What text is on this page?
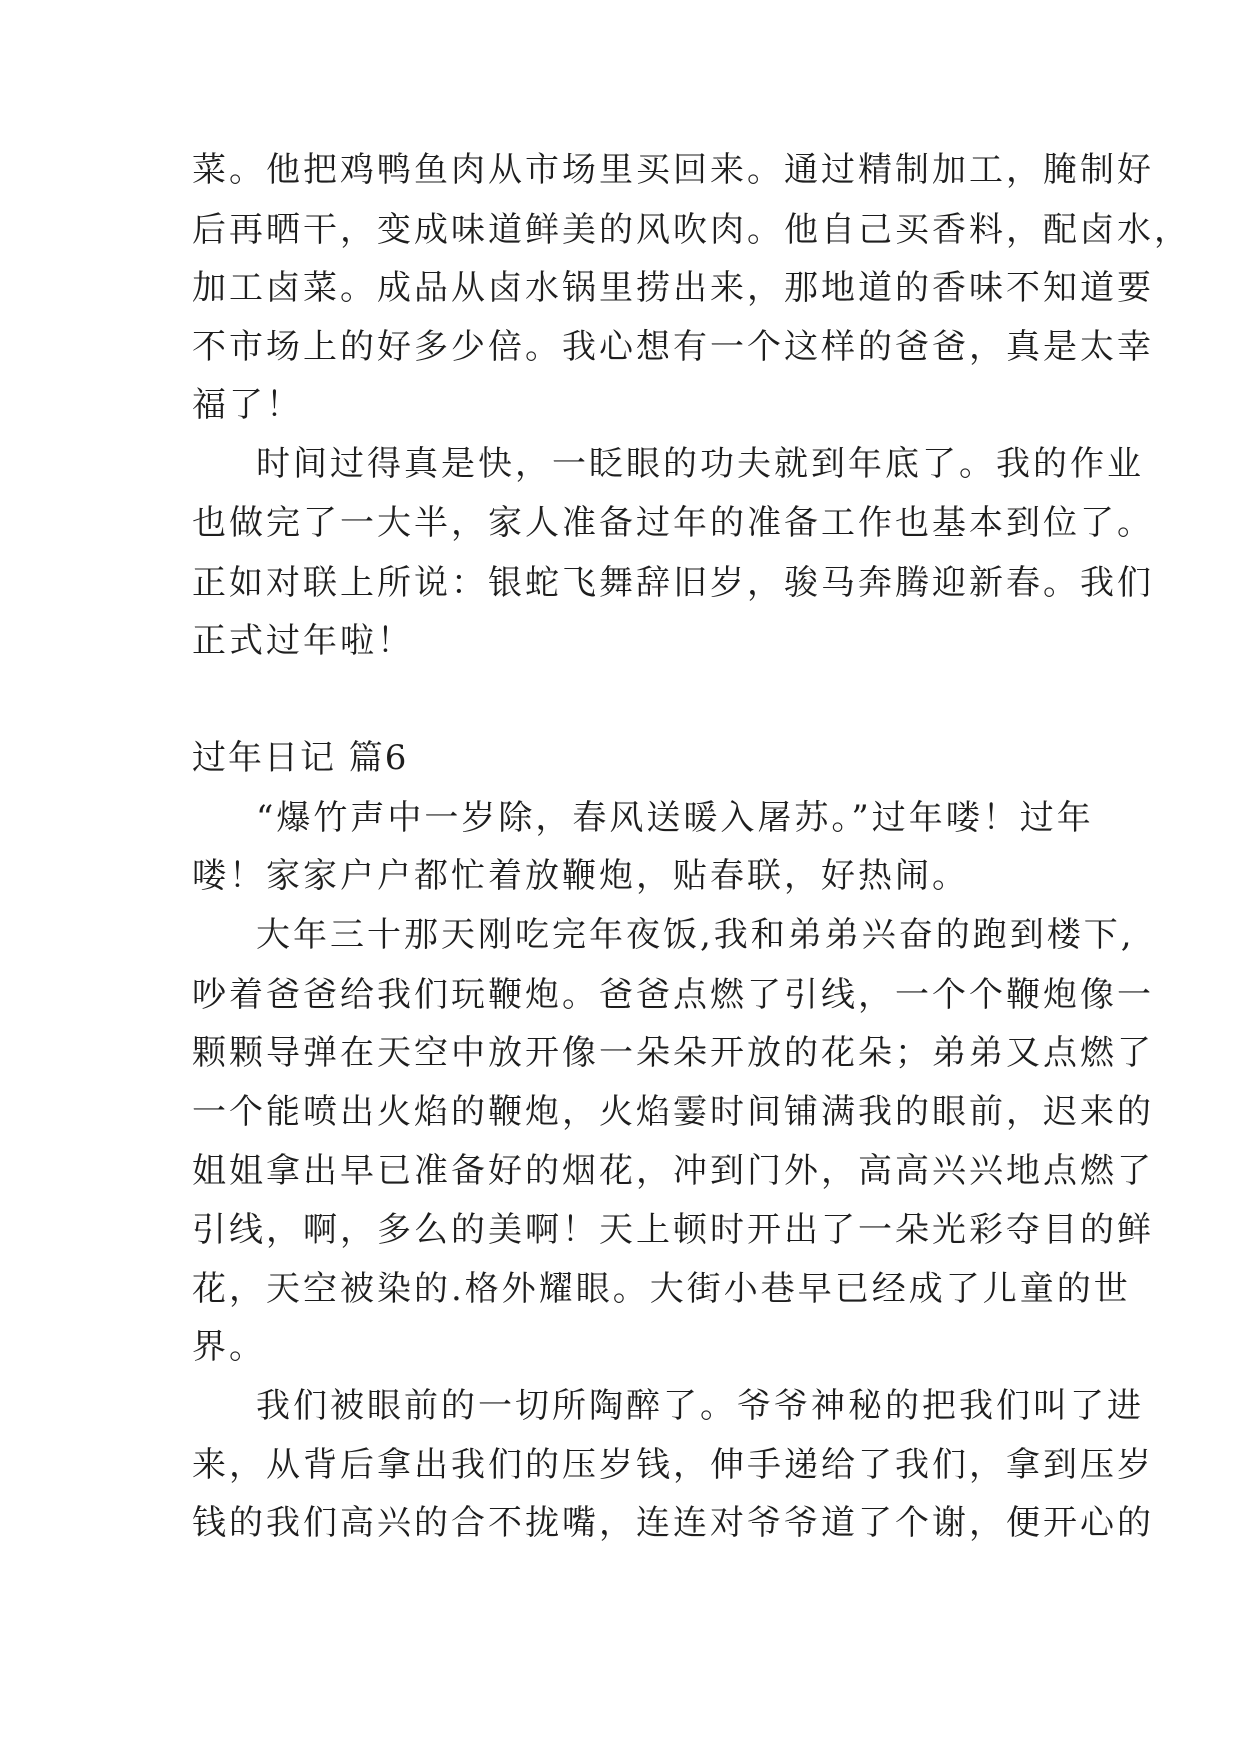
菜。他把鸡鸭鱼肉从市场里买回来。通过精制加工，腌制好
后再晒干，变成味道鲜美的风吹肉。他自己买香料，配卤水，
加工卤菜。成品从卤水锅里捞出来，那地道的香味不知道要
不市场上的好多少倍。我心想有一个这样的爸爸，真是太幸
福了！
时间过得真是快，一眨眼的功夫就到年底了。我的作业
也做完了一大半，家人准备过年的准备工作也基本到位了。
正如对联上所说：银蛇飞舞辞旧岁，骏马奔腾迎新春。我们
正式过年啦！
过年日记 篇6
“爆竹声中一岁除，春风送暖入屠苏。”过年喽！过年
喽！家家户户都忙着放鞭炮，贴春联，好热闹。
大年三十那天刚吃完年夜饭,我和弟弟兴奋的跑到楼下,
吵着爸爸给我们玩鞭炮。爸爸点燃了引线，一个个鞭炮像一
颗颗导弹在天空中放开像一朵朵开放的花朵；弟弟又点燃了
一个能喷出火焰的鞭炮，火焰霎时间铺满我的眼前，迟来的
姐姐拿出早已准备好的烟花，冲到门外，高高兴兴地点燃了
引线，啊，多么的美啊！天上顿时开出了一朵光彩夺目的鲜
花，天空被染的.格外耀眼。大街小巷早已经成了儿童的世
界。
我们被眼前的一切所陶醉了。爷爷神秘的把我们叫了进
来，从背后拿出我们的压岁钱，伸手递给了我们，拿到压岁
钱的我们高兴的合不拢嘴，连连对爷爷道了个谢，便开心的
